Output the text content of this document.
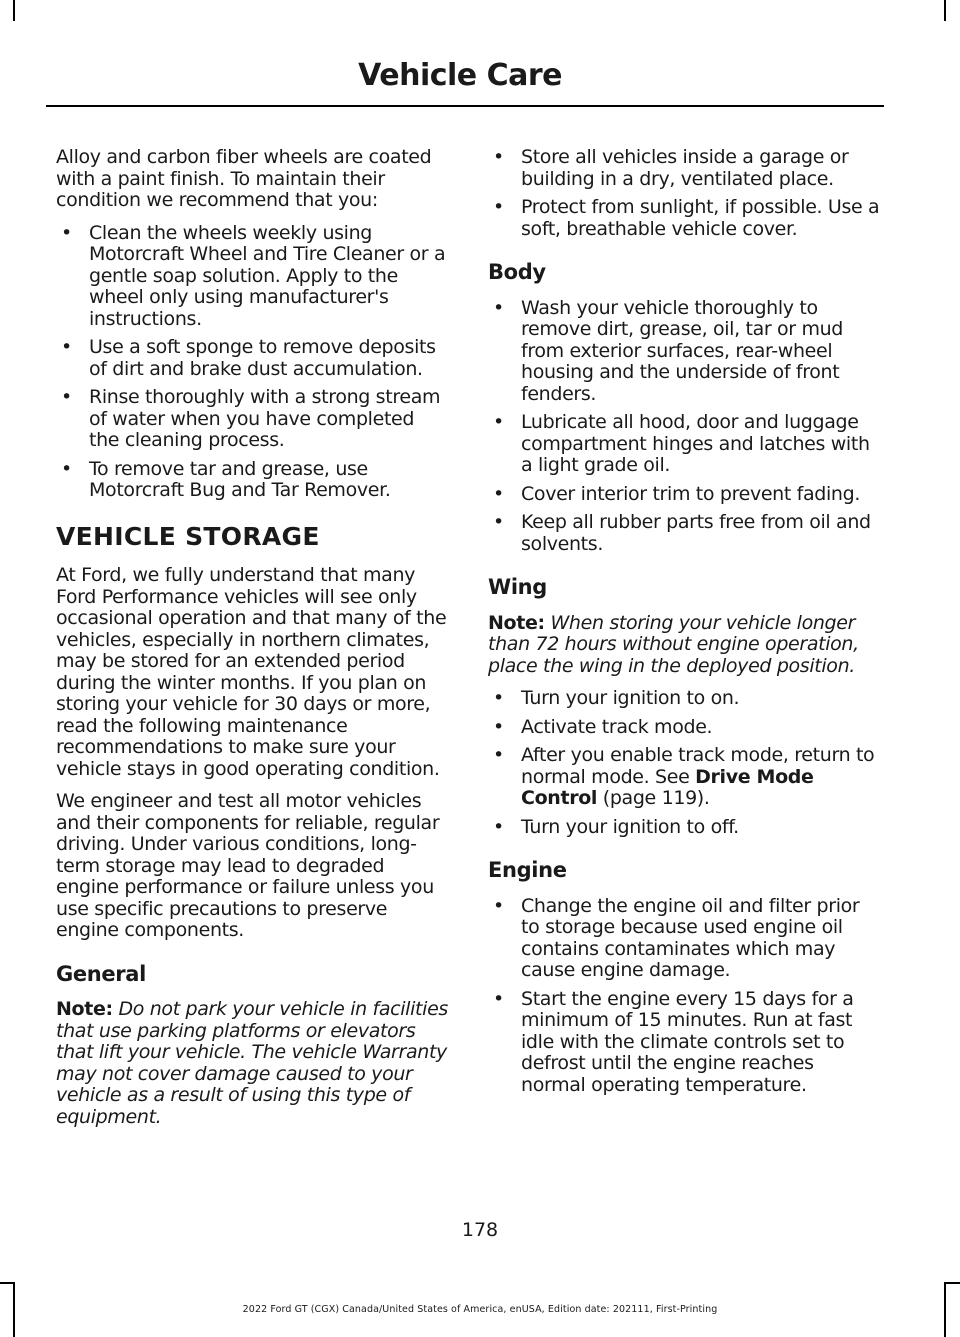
Vehicle Care

Alloy and carbon fiber wheels are coated with a paint finish. To maintain their condition we recommend that you:

• Clean the wheels weekly using Motorcraft Wheel and Tire Cleaner or a gentle soap solution. Apply to the wheel only using manufacturer's instructions.
• Use a soft sponge to remove deposits of dirt and brake dust accumulation.
• Rinse thoroughly with a strong stream of water when you have completed the cleaning process.
• To remove tar and grease, use Motorcraft Bug and Tar Remover.
VEHICLE STORAGE

At Ford, we fully understand that many Ford Performance vehicles will see only occasional operation and that many of the vehicles, especially in northern climates, may be stored for an extended period during the winter months. If you plan on storing your vehicle for 30 days or more, read the following maintenance recommendations to make sure your vehicle stays in good operating condition.

We engineer and test all motor vehicles and their components for reliable, regular driving. Under various conditions, long-term storage may lead to degraded engine performance or failure unless you use specific precautions to preserve engine components.

General

Note: Do not park your vehicle in facilities that use parking platforms or elevators that lift your vehicle. The vehicle Warranty may not cover damage caused to your vehicle as a result of using this type of equipment.

• Store all vehicles inside a garage or building in a dry, ventilated place.
• Protect from sunlight, if possible. Use a soft, breathable vehicle cover.
Body
• Wash your vehicle thoroughly to remove dirt, grease, oil, tar or mud from exterior surfaces, rear-wheel housing and the underside of front fenders.
• Lubricate all hood, door and luggage compartment hinges and latches with a light grade oil.
• Cover interior trim to prevent fading.
• Keep all rubber parts free from oil and solvents.
Wing

Note: When storing your vehicle longer than 72 hours without engine operation, place the wing in the deployed position.

• Turn your ignition to on.
• Activate track mode.
• After you enable track mode, return to normal mode. See Drive Mode Control (page 119).
• Turn your ignition to off.
Engine
• Change the engine oil and filter prior to storage because used engine oil contains contaminates which may cause engine damage.
• Start the engine every 15 days for a minimum of 15 minutes. Run at fast idle with the climate controls set to defrost until the engine reaches normal operating temperature.
178
2022 Ford GT (CGX) Canada/United States of America, enUSA, Edition date: 202111, First-Printing
